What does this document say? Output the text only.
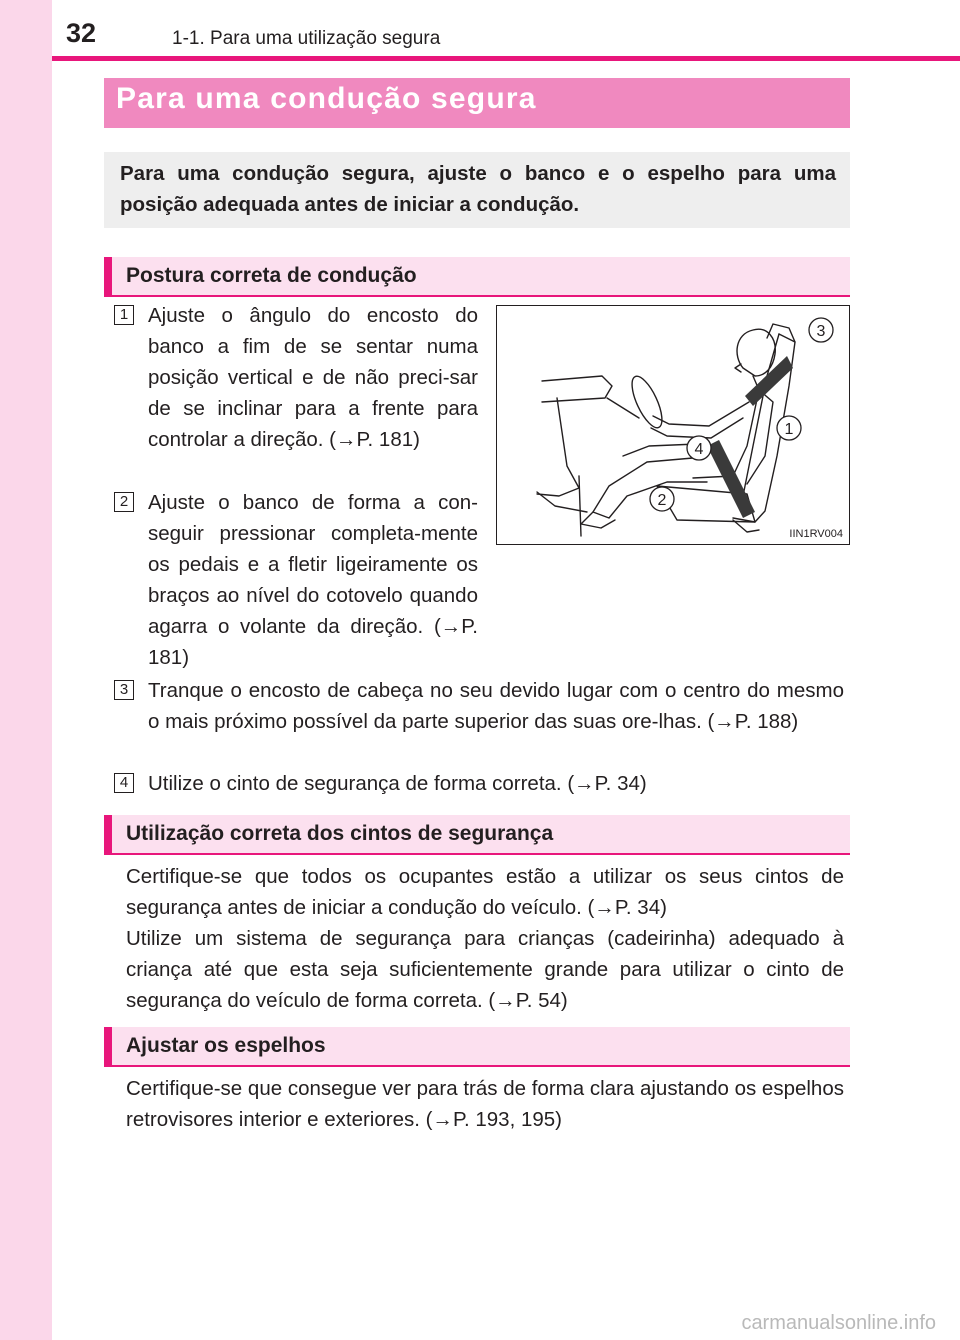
32	1-1. Para uma utilização segura
Para uma condução segura
Para uma condução segura, ajuste o banco e o espelho para uma posição adequada antes de iniciar a condução.
Postura correta de condução
1 Ajuste o ângulo do encosto do banco a fim de se sentar numa posição vertical e de não preci-sar de se inclinar para a frente para controlar a direção. (→P. 181)
2 Ajuste o banco de forma a con-seguir pressionar completa-mente os pedais e a fletir ligeiramente os braços ao nível do cotovelo quando agarra o volante da direção. (→P. 181)
3
1
4
2
IIN1RV004
3 Tranque o encosto de cabeça no seu devido lugar com o centro do mesmo o mais próximo possível da parte superior das suas ore-lhas. (→P. 188)
4 Utilize o cinto de segurança de forma correta. (→P. 34)
Utilização correta dos cintos de segurança
Certifique-se que todos os ocupantes estão a utilizar os seus cintos de segurança antes de iniciar a condução do veículo. (→P. 34)
Utilize um sistema de segurança para crianças (cadeirinha) adequado à criança até que esta seja suficientemente grande para utilizar o cinto de segurança do veículo de forma correta. (→P. 54)
Ajustar os espelhos
Certifique-se que consegue ver para trás de forma clara ajustando os espelhos retrovisores interior e exteriores. (→P. 193, 195)
carmanualsonline.info
